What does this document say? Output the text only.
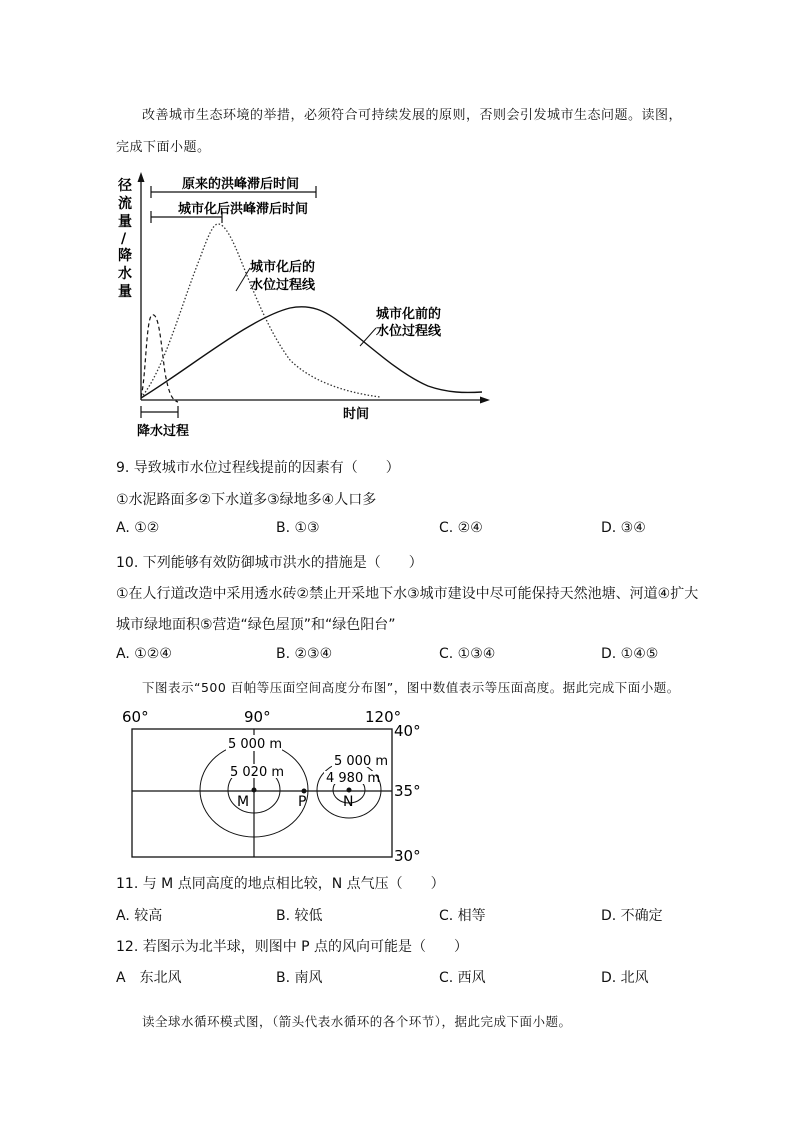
改善城市生态环境的举措，必须符合可持续发展的原则，否则会引发城市生态问题。读图，
完成下面小题。
径
流
量
/
降
水
量
原来的洪峰滞后时间
城市化后洪峰滞后时间
城市化后的
水位过程线
城市化前的
水位过程线
时间
降水过程
9. 导致城市水位过程线提前的因素有（　　）
①水泥路面多②下水道多③绿地多④人口多
A. ①②	B. ①③	C. ②④	D. ③④
10. 下列能够有效防御城市洪水的措施是（　　）
①在人行道改造中采用透水砖②禁止开采地下水③城市建设中尽可能保持天然池塘、河道④扩大
城市绿地面积⑤营造“绿色屋顶”和“绿色阳台”
A. ①②④	B. ②③④	C. ①③④	D. ①④⑤
下图表示“500 百帕等压面空间高度分布图”，图中数值表示等压面高度。据此完成下面小题。
60°	90°	120°
40°
35°
30°
5 000 m
5 020 m
M	P
5 000 m
4 980 m
N
11. 与 M 点同高度的地点相比较，N 点气压（　　）
A. 较高	B. 较低	C. 相等	D. 不确定
12. 若图示为北半球，则图中 P 点的风向可能是（　　）
A　东北风	B. 南风	C. 西风	D. 北风
读全球水循环模式图，（箭头代表水循环的各个环节），据此完成下面小题。
